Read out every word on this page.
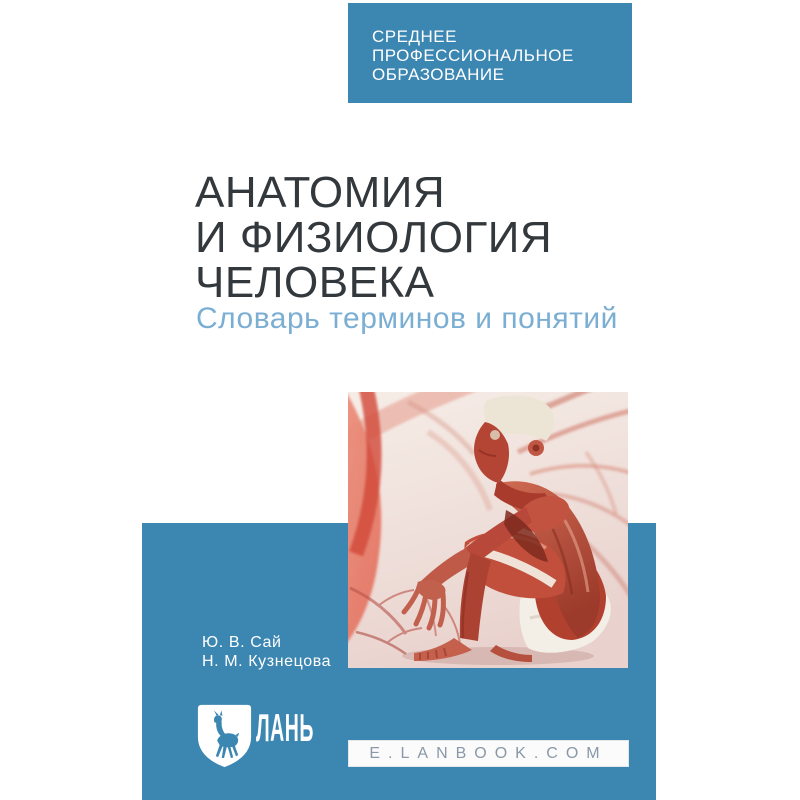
СРЕДНЕЕ
ПРОФЕССИОНАЛЬНОЕ
ОБРАЗОВАНИЕ
АНАТОМИЯ
И ФИЗИОЛОГИЯ
ЧЕЛОВЕКА
Словарь терминов и понятий
Ю. В. Сай
Н. М. Кузнецова
ЛАНЬ
E.LANBOOK.COM
